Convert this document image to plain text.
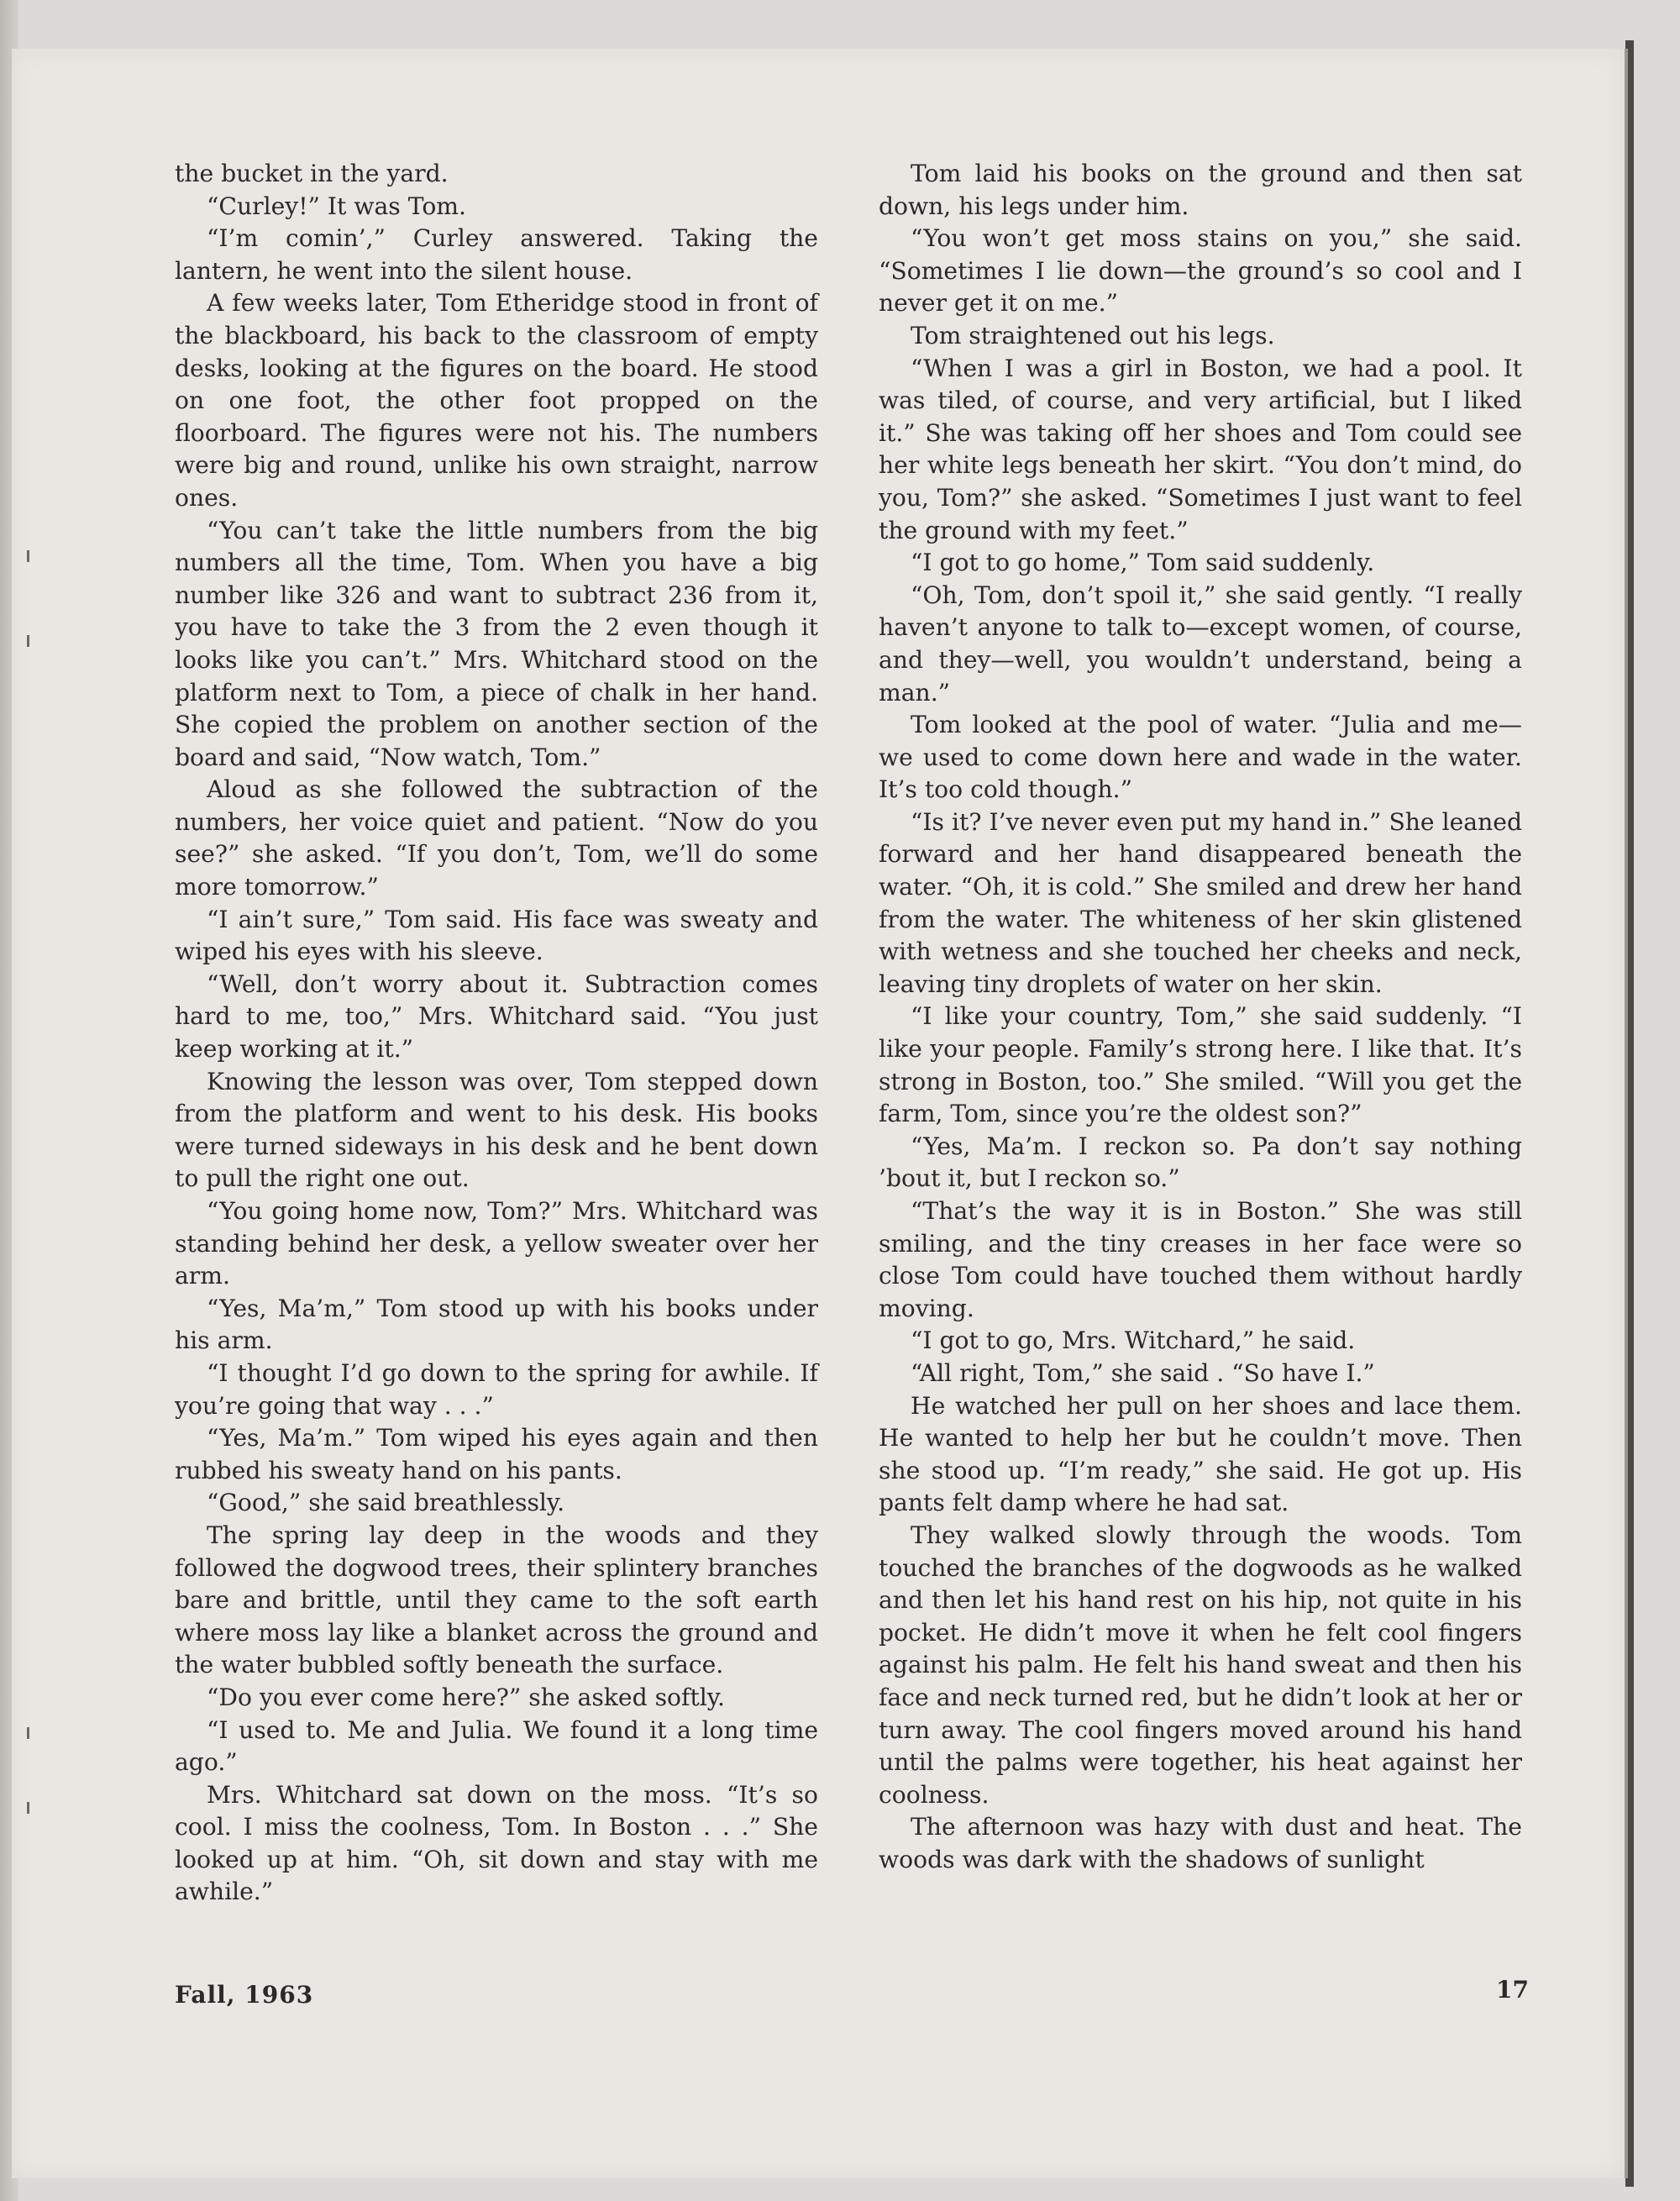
the bucket in the yard.

“Curley!” It was Tom.

“I’m comin’,” Curley answered. Taking the lantern, he went into the silent house.

A few weeks later, Tom Etheridge stood in front of the blackboard, his back to the classroom of empty desks, looking at the figures on the board. He stood on one foot, the other foot propped on the floorboard. The figures were not his. The numbers were big and round, unlike his own straight, narrow ones.

“You can’t take the little numbers from the big numbers all the time, Tom. When you have a big number like 326 and want to subtract 236 from it, you have to take the 3 from the 2 even though it looks like you can’t.” Mrs. Whitchard stood on the platform next to Tom, a piece of chalk in her hand. She copied the problem on another section of the board and said, “Now watch, Tom.”

Aloud as she followed the subtraction of the numbers, her voice quiet and patient. “Now do you see?” she asked. “If you don’t, Tom, we’ll do some more tomorrow.”

“I ain’t sure,” Tom said. His face was sweaty and wiped his eyes with his sleeve.

“Well, don’t worry about it. Subtraction comes hard to me, too,” Mrs. Whitchard said. “You just keep working at it.”

Knowing the lesson was over, Tom stepped down from the platform and went to his desk. His books were turned sideways in his desk and he bent down to pull the right one out.

“You going home now, Tom?” Mrs. Whitchard was standing behind her desk, a yellow sweater over her arm.

“Yes, Ma’m,” Tom stood up with his books under his arm.

“I thought I’d go down to the spring for awhile. If you’re going that way . . .”

“Yes, Ma’m.” Tom wiped his eyes again and then rubbed his sweaty hand on his pants.

“Good,” she said breathlessly.

The spring lay deep in the woods and they followed the dogwood trees, their splintery branches bare and brittle, until they came to the soft earth where moss lay like a blanket across the ground and the water bubbled softly beneath the surface.

“Do you ever come here?” she asked softly.

“I used to. Me and Julia. We found it a long time ago.”

Mrs. Whitchard sat down on the moss. “It’s so cool. I miss the coolness, Tom. In Boston . . .” She looked up at him. “Oh, sit down and stay with me awhile.”

Tom laid his books on the ground and then sat down, his legs under him.

“You won’t get moss stains on you,” she said. “Sometimes I lie down—the ground’s so cool and I never get it on me.”

Tom straightened out his legs.

“When I was a girl in Boston, we had a pool. It was tiled, of course, and very artificial, but I liked it.” She was taking off her shoes and Tom could see her white legs beneath her skirt. “You don’t mind, do you, Tom?” she asked. “Sometimes I just want to feel the ground with my feet.”

“I got to go home,” Tom said suddenly.

“Oh, Tom, don’t spoil it,” she said gently. “I really haven’t anyone to talk to—except women, of course, and they—well, you wouldn’t understand, being a man.”

Tom looked at the pool of water. “Julia and me—we used to come down here and wade in the water. It’s too cold though.”

“Is it? I’ve never even put my hand in.” She leaned forward and her hand disappeared beneath the water. “Oh, it is cold.” She smiled and drew her hand from the water. The whiteness of her skin glistened with wetness and she touched her cheeks and neck, leaving tiny droplets of water on her skin.

“I like your country, Tom,” she said suddenly. “I like your people. Family’s strong here. I like that. It’s strong in Boston, too.” She smiled. “Will you get the farm, Tom, since you’re the oldest son?”

“Yes, Ma’m. I reckon so. Pa don’t say nothing ’bout it, but I reckon so.”

“That’s the way it is in Boston.” She was still smiling, and the tiny creases in her face were so close Tom could have touched them without hardly moving.

“I got to go, Mrs. Witchard,” he said.

“All right, Tom,” she said . “So have I.”

He watched her pull on her shoes and lace them. He wanted to help her but he couldn’t move. Then she stood up. “I’m ready,” she said. He got up. His pants felt damp where he had sat.

They walked slowly through the woods. Tom touched the branches of the dogwoods as he walked and then let his hand rest on his hip, not quite in his pocket. He didn’t move it when he felt cool fingers against his palm. He felt his hand sweat and then his face and neck turned red, but he didn’t look at her or turn away. The cool fingers moved around his hand until the palms were together, his heat against her coolness.

The afternoon was hazy with dust and heat. The woods was dark with the shadows of sunlight

Fall, 1963	17
